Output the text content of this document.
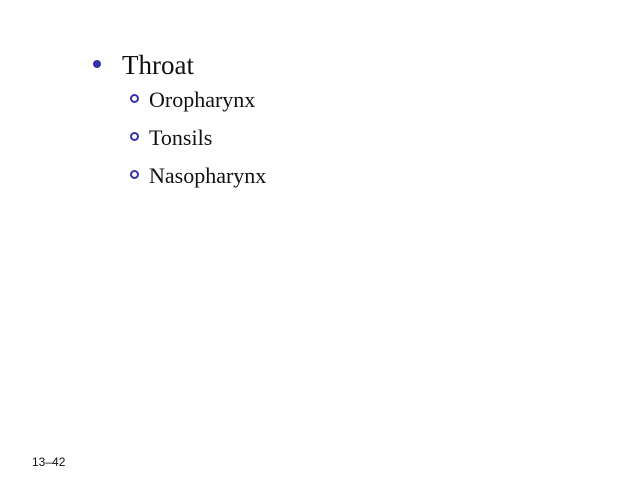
Throat
Oropharynx
Tonsils
Nasopharynx
13–42
